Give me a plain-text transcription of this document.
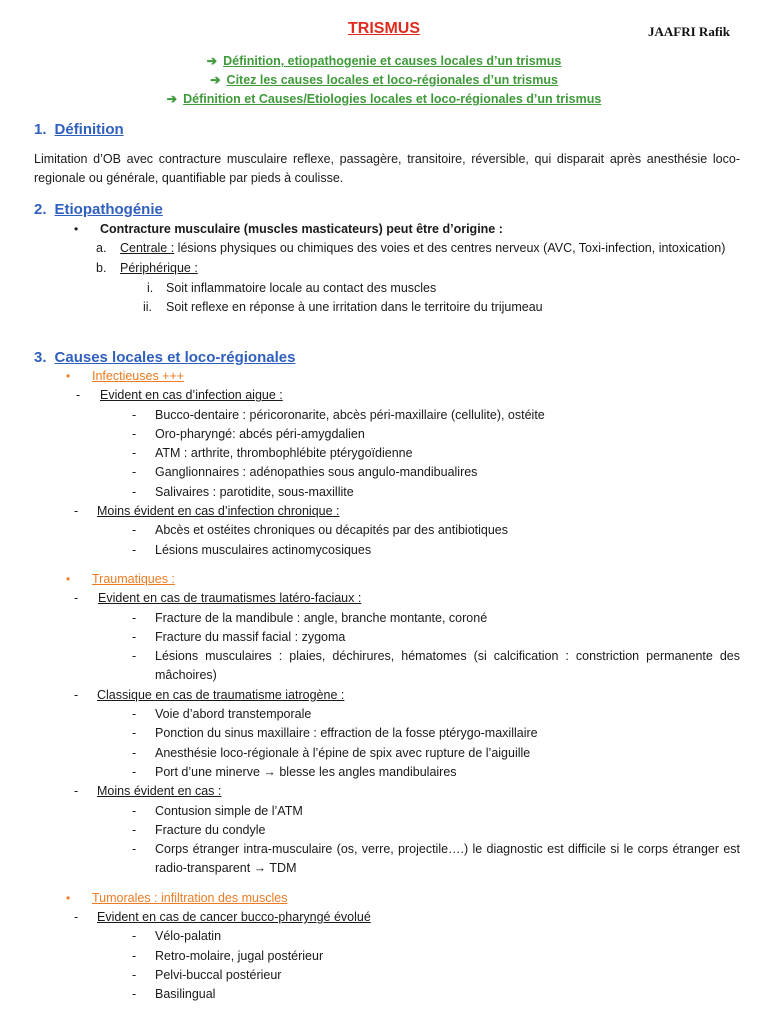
TRISMUS	JAAFRI Rafik
➔ Définition, etiopathogenie et causes locales d’un trismus
➔ Citez les causes locales et loco-régionales d’un trismus
➔ Définition et Causes/Etiologies locales et loco-régionales d’un trismus
1. Définition
Limitation d’OB avec contracture musculaire reflexe, passagère, transitoire, réversible, qui disparait après anesthésie loco-regionale ou générale, quantifiable par pieds à coulisse.
2. Etiopathogénie
• Contracture musculaire (muscles masticateurs) peut être d’origine :
a. Centrale : lésions physiques ou chimiques des voies et des centres nerveux (AVC, Toxi-infection, intoxication)
b. Périphérique :
i. Soit inflammatoire locale au contact des muscles
ii. Soit reflexe en réponse à une irritation dans le territoire du trijumeau
3. Causes locales et loco-régionales
• Infectieuses +++
- Evident en cas d’infection aigue :
- Bucco-dentaire : péricoronarite, abcès péri-maxillaire (cellulite), ostéite
- Oro-pharyngé: abcés péri-amygdalien
- ATM : arthrite, thrombophlébite ptérygoïdienne
- Ganglionnaires : adénopathies sous angulo-mandibualires
- Salivaires : parotidite, sous-maxillite
- Moins évident en cas d’infection chronique :
- Abcès et ostéites chroniques ou décapités par des antibiotiques
- Lésions musculaires actinomycosiques
• Traumatiques :
- Evident en cas de traumatismes latéro-faciaux :
- Fracture de la mandibule : angle, branche montante, coroné
- Fracture du massif facial : zygoma
- Lésions musculaires : plaies, déchirures, hématomes (si calcification : constriction permanente des mâchoires)
- Classique en cas de traumatisme iatrogène :
- Voie d’abord transtemporale
- Ponction du sinus maxillaire : effraction de la fosse ptérygo-maxillaire
- Anesthésie loco-régionale à l’épine de spix avec rupture de l’aiguille
- Port d’une minerve → blesse les angles mandibulaires
- Moins évident en cas :
- Contusion simple de l’ATM
- Fracture du condyle
- Corps étranger intra-musculaire (os, verre, projectile….) le diagnostic est difficile si le corps étranger est radio-transparent → TDM
• Tumorales : infiltration des muscles
- Evident en cas de cancer bucco-pharyngé évolué
- Vélo-palatin
- Retro-molaire, jugal postérieur
- Pelvi-buccal postérieur
- Basilingual
